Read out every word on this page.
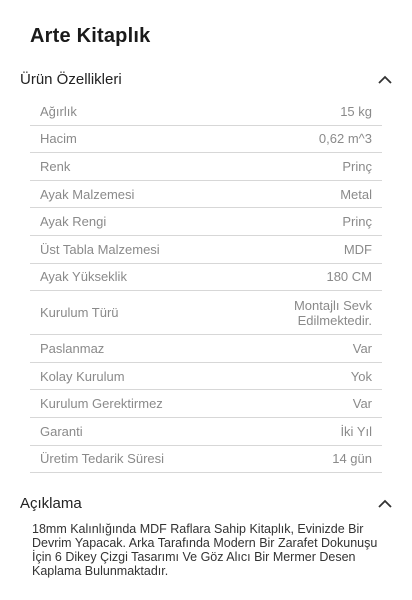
Arte Kitaplık
Ürün Özellikleri
Ağırlık	15 kg
Hacim	0,62 m^3
Renk	Prinç
Ayak Malzemesi	Metal
Ayak Rengi	Prinç
Üst Tabla Malzemesi	MDF
Ayak Yükseklik	180 CM
Kurulum Türü	Montajlı Sevk
Edilmektedir.
Paslanmaz	Var
Kolay Kurulum	Yok
Kurulum Gerektirmez	Var
Garanti	İki Yıl
Üretim Tedarik Süresi	14 gün
Açıklama
18mm Kalınlığında MDF Raflara Sahip Kitaplık, Evinizde Bir Devrim Yapacak. Arka Tarafında Modern Bir Zarafet Dokunuşu İçin 6 Dikey Çizgi Tasarımı Ve Göz Alıcı Bir Mermer Desen Kaplama Bulunmaktadır.
